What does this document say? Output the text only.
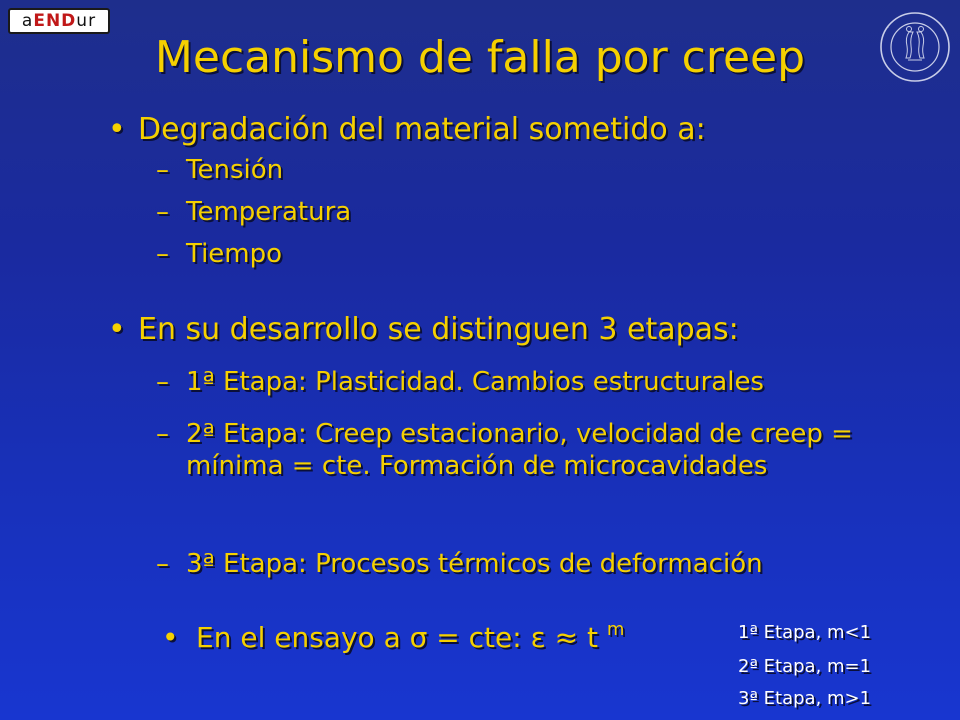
a END ur	·
Mecanismo de falla por creep
• Degradación del material sometido a:
– Tensión
– Temperatura
– Tiempo
• En su desarrollo se distinguen 3 etapas:
– 1ª Etapa: Plasticidad. Cambios estructurales
– 2ª Etapa: Creep estacionario, velocidad de creep = mínima = cte. Formación de microcavidades
– 3ª Etapa: Procesos térmicos de deformación
• En el ensayo a σ = cte: ε ≈ t $^m$	1ª Etapa, m<1
2ª Etapa, m=1
3ª Etapa, m>1
